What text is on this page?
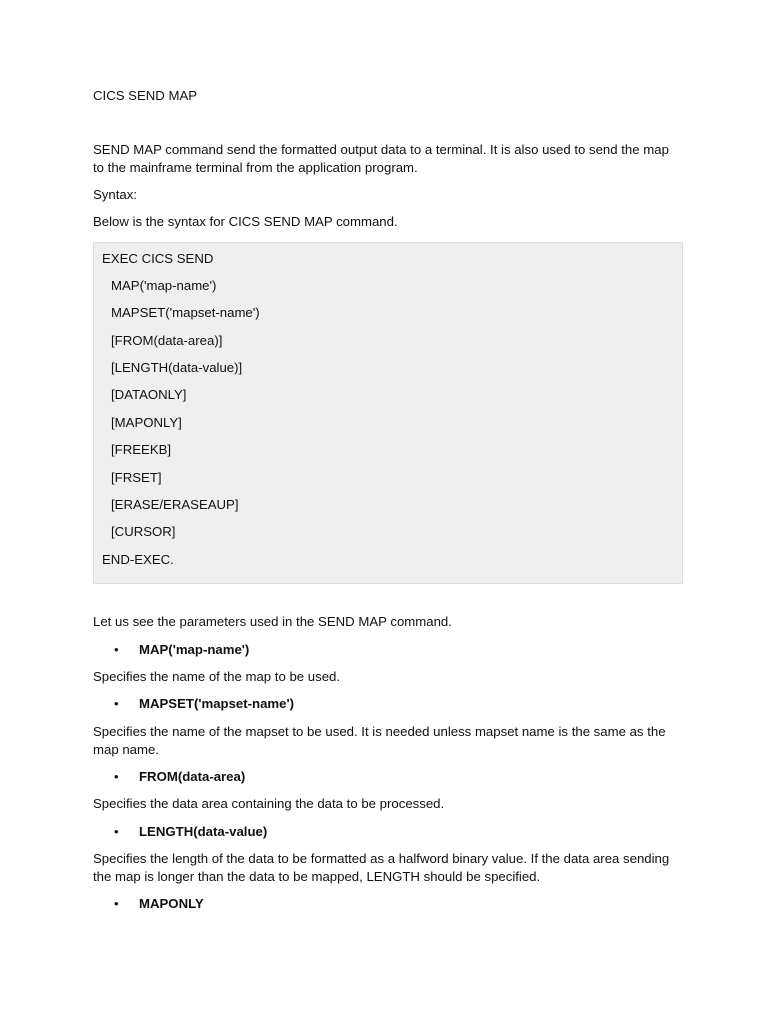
CICS SEND MAP

SEND MAP command send the formatted output data to a terminal. It is also used to send the map to the mainframe terminal from the application program.

Syntax:

Below is the syntax for CICS SEND MAP command.

EXEC CICS SEND

MAP('map-name')

MAPSET('mapset-name')

[FROM(data-area)]

[LENGTH(data-value)]

[DATAONLY]

[MAPONLY]

[FREEKB]

[FRSET]

[ERASE/ERASEAUP]

[CURSOR]

END-EXEC.

Let us see the parameters used in the SEND MAP command.

•	MAP('map-name')

Specifies the name of the map to be used.

•	MAPSET('mapset-name')

Specifies the name of the mapset to be used. It is needed unless mapset name is the same as the map name.

•	FROM(data-area)

Specifies the data area containing the data to be processed.

•	LENGTH(data-value)

Specifies the length of the data to be formatted as a halfword binary value. If the data area sending the map is longer than the data to be mapped, LENGTH should be specified.

•	MAPONLY
